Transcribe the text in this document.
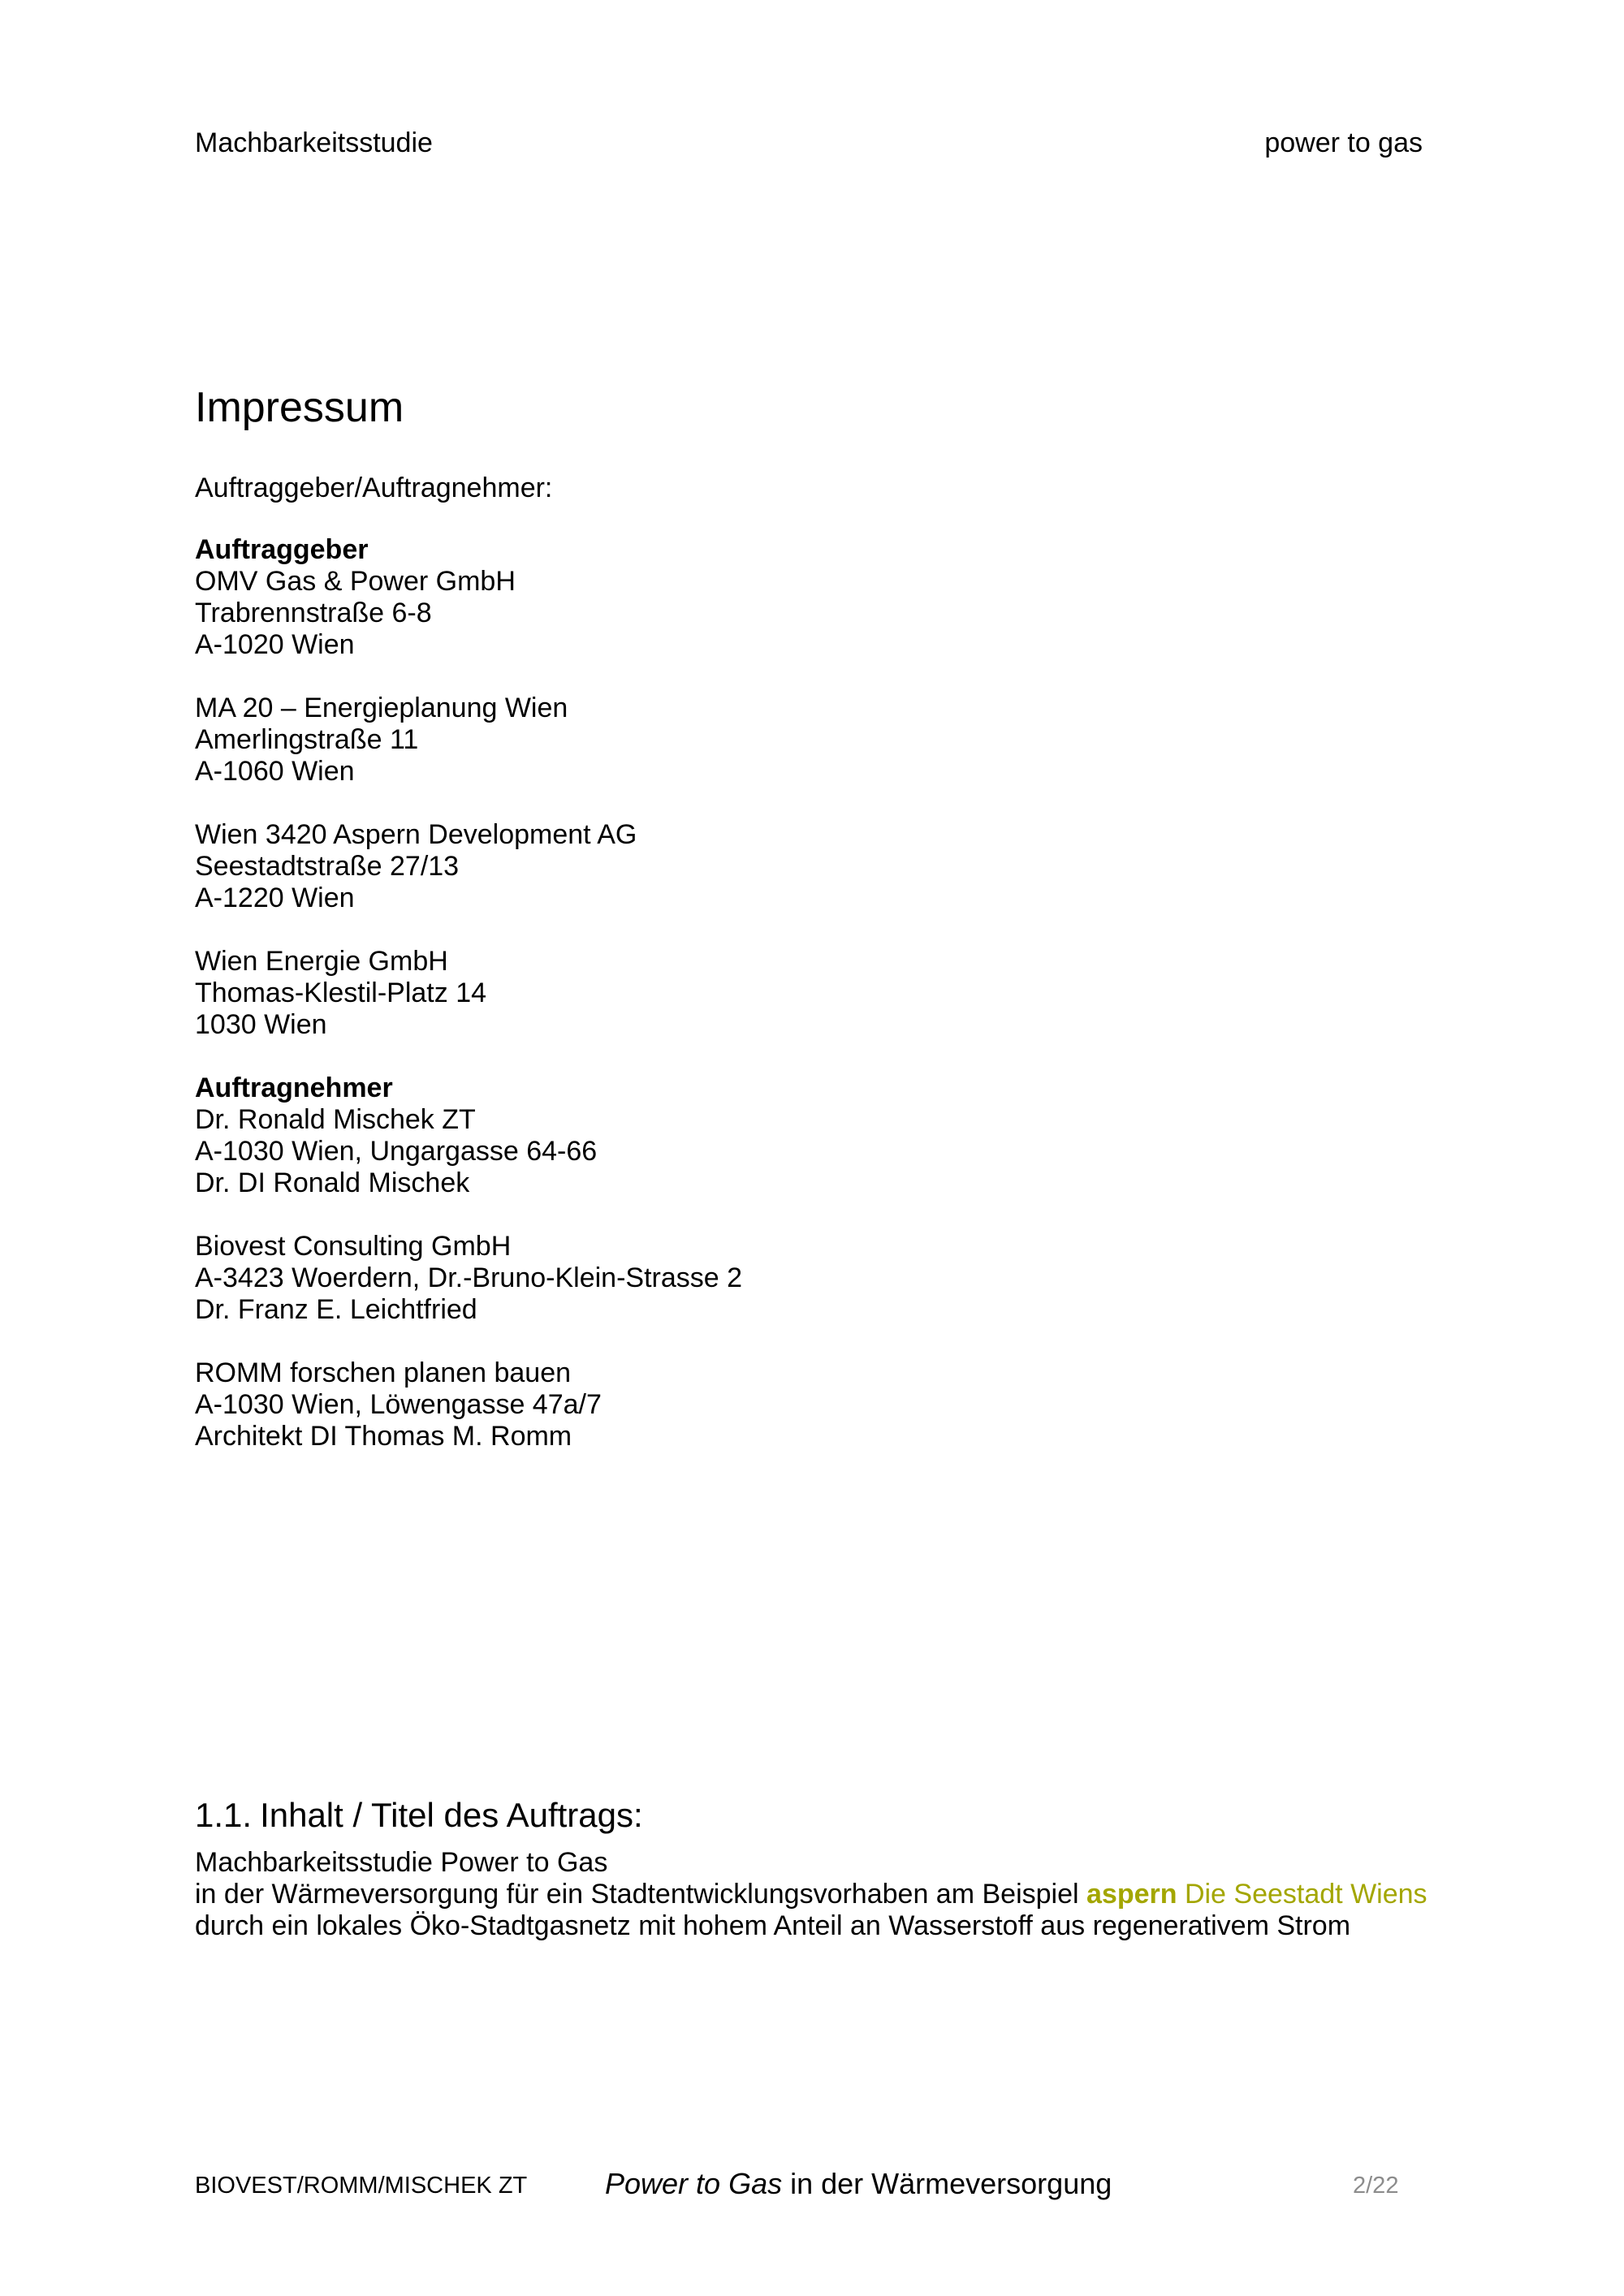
Machbarkeitsstudie	power to gas
Impressum
Auftraggeber/Auftragnehmer:
Auftraggeber
OMV Gas & Power GmbH
Trabrennstraße 6-8
A-1020 Wien
MA 20 – Energieplanung Wien
Amerlingstraße 11
A-1060 Wien
Wien 3420 Aspern Development AG
Seestadtstraße 27/13
A-1220 Wien
Wien Energie GmbH
Thomas-Klestil-Platz 14
1030 Wien
Auftragnehmer
Dr. Ronald Mischek ZT
A-1030 Wien, Ungargasse 64-66
Dr. DI Ronald Mischek
Biovest Consulting GmbH
A-3423 Woerdern, Dr.-Bruno-Klein-Strasse 2
Dr. Franz E. Leichtfried
ROMM forschen planen bauen
A-1030 Wien, Löwengasse 47a/7
Architekt DI Thomas M. Romm
1.1. Inhalt / Titel des Auftrags:
Machbarkeitsstudie Power to Gas
in der Wärmeversorgung für ein Stadtentwicklungsvorhaben am Beispiel aspern Die Seestadt Wiens
durch ein lokales Öko-Stadtgasnetz mit hohem Anteil an Wasserstoff aus regenerativem Strom
BIOVEST/ROMM/MISCHEK ZT	Power to Gas in der Wärmeversorgung	2/22
